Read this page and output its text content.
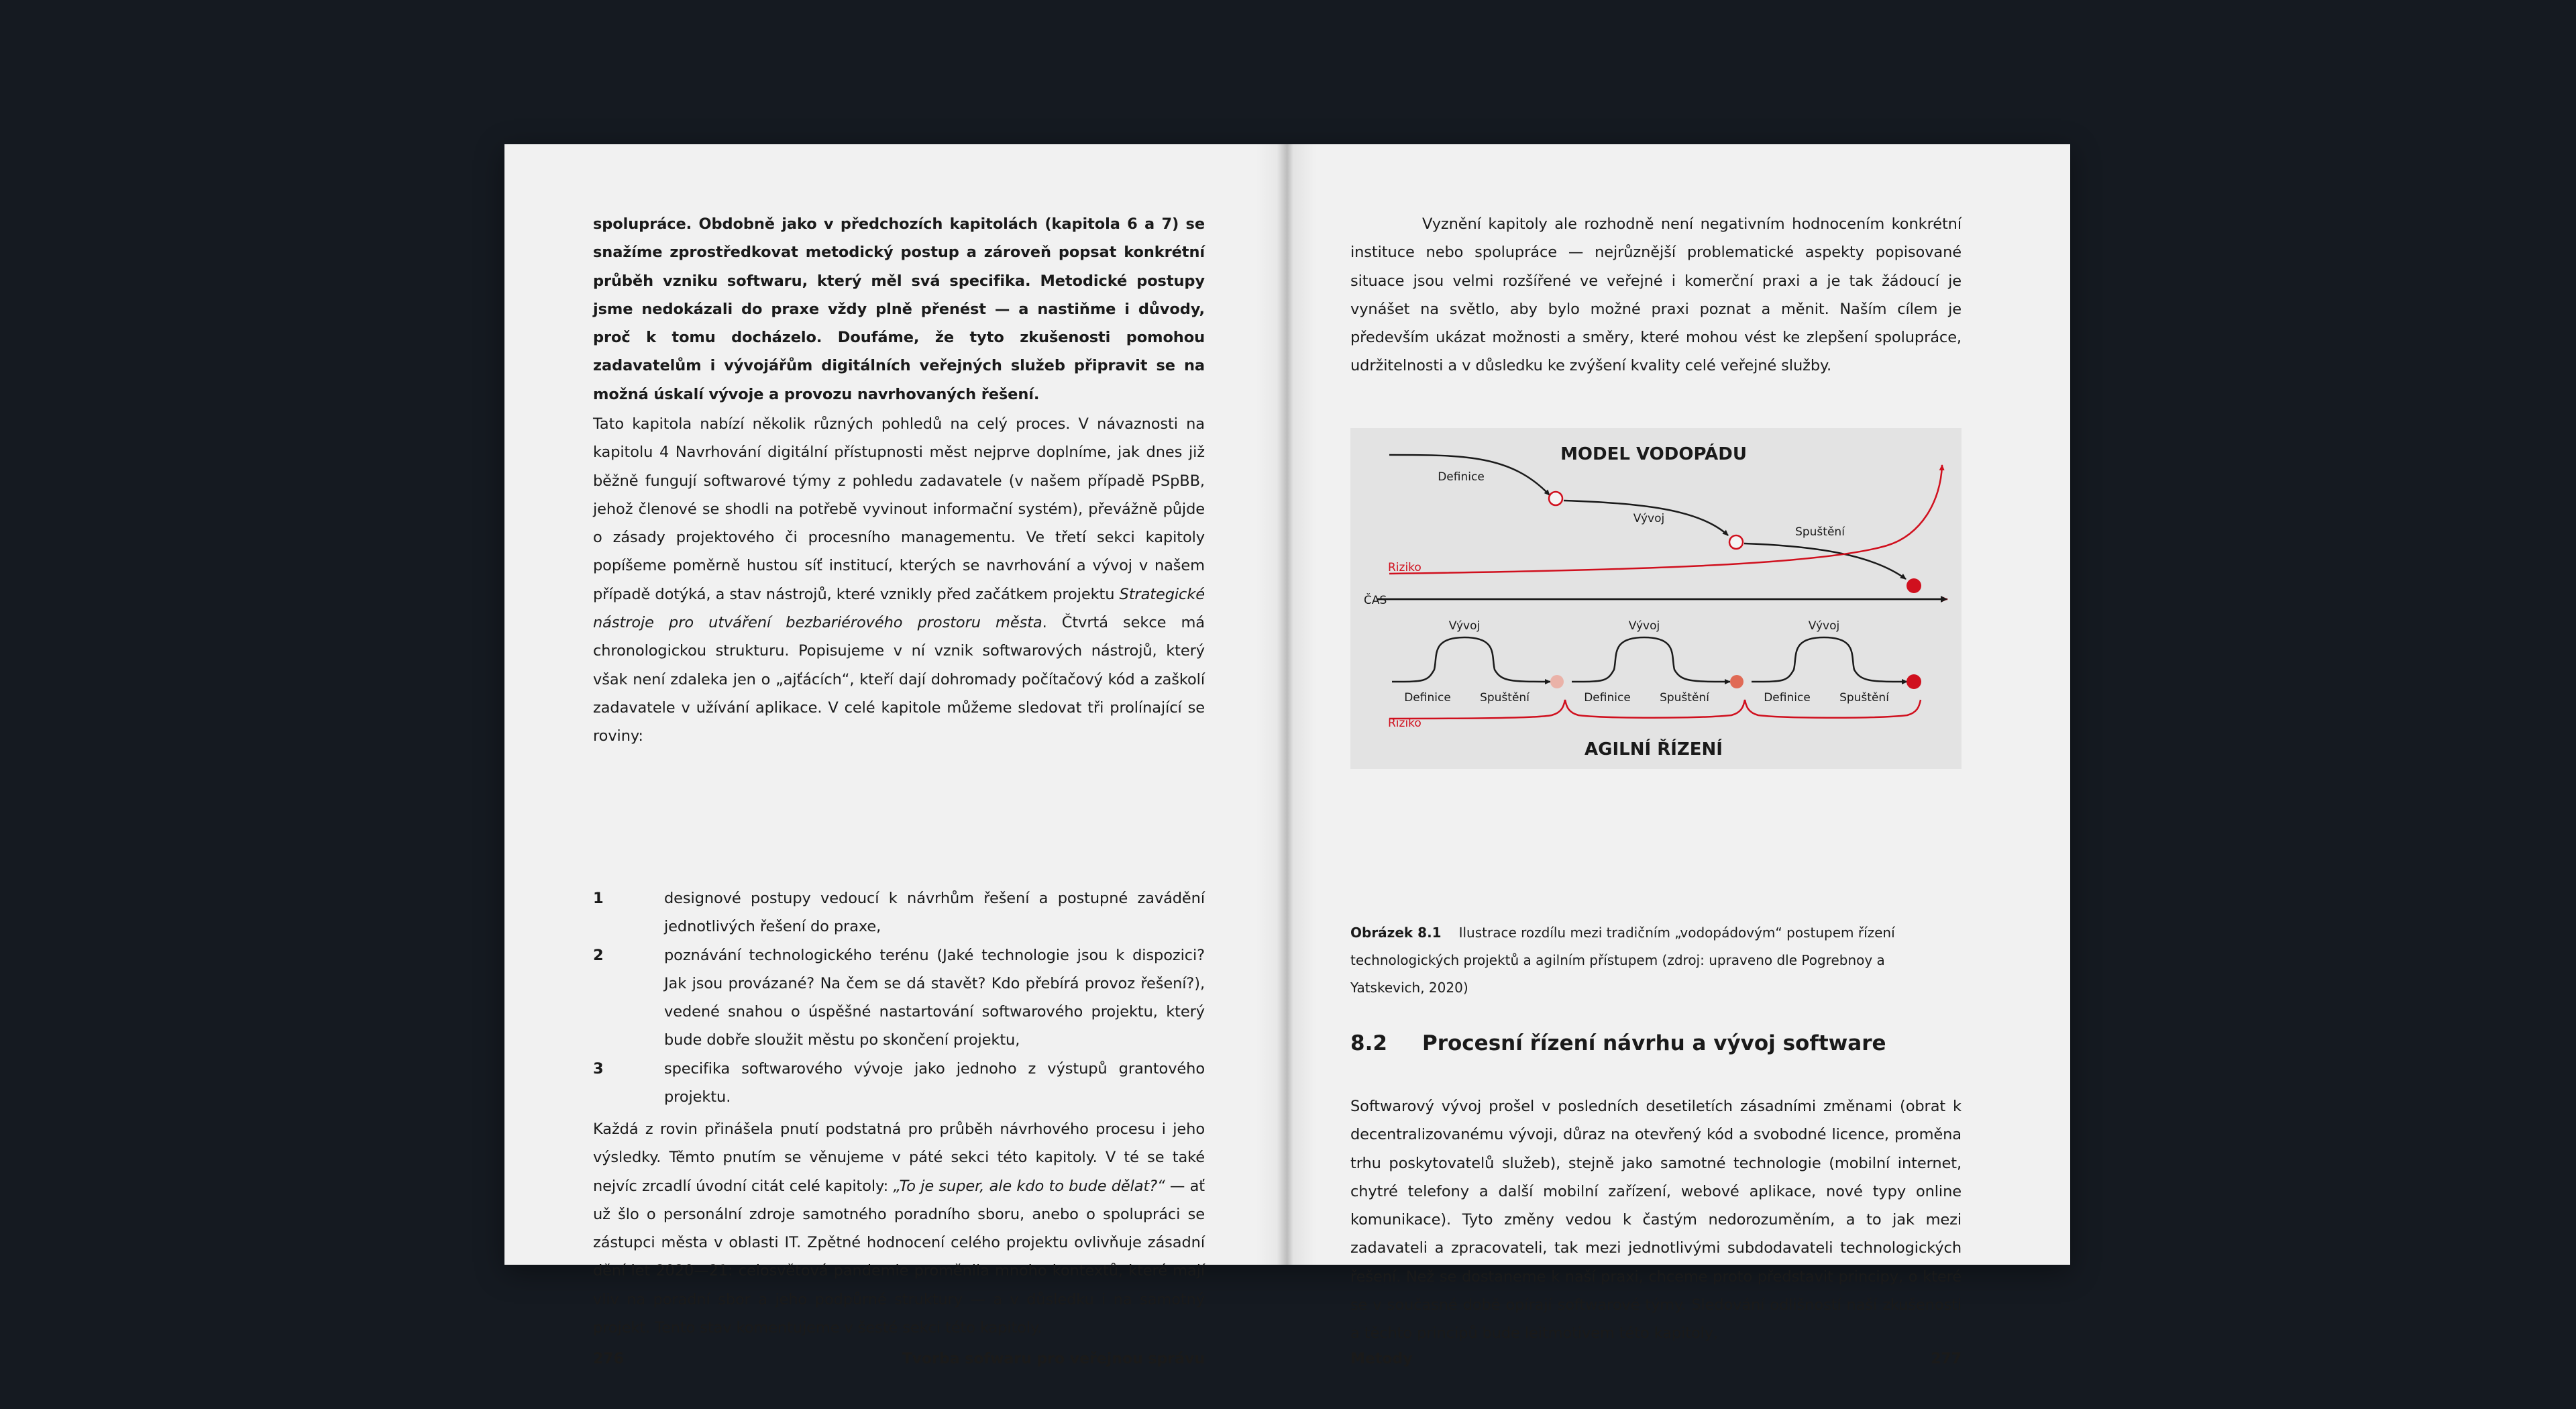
spolupráce. Obdobně jako v předchozích kapitolách (kapitola 6 a 7) se snažíme zprostředkovat metodický postup a zároveň popsat konkrétní průběh vzniku softwaru, který měl svá specifika. Metodické postupy jsme nedokázali do praxe vždy plně přenést — a nastiňme i důvody, proč k tomu docházelo. Doufáme, že tyto zkušenosti pomohou zadavatelům i vývojářům digitálních veřejných služeb připravit se na možná úskalí vývoje a provozu navrhovaných řešení.

Tato kapitola nabízí několik různých pohledů na celý proces. V návaznosti na kapitolu 4 Navrhování digitální přístupnosti měst nejprve doplníme, jak dnes již běžně fungují softwarové týmy z pohledu zadavatele (v našem případě PSpBB, jehož členové se shodli na potřebě vyvinout informační systém), převážně půjde o zásady projektového či procesního managementu. Ve třetí sekci kapitoly popíšeme poměrně hustou síť institucí, kterých se navrhování a vývoj v našem případě dotýká, a stav nástrojů, které vznikly před začátkem projektu Strategické nástroje pro utváření bezbariérového prostoru města. Čtvrtá sekce má chronologickou strukturu. Popisujeme v ní vznik softwarových nástrojů, který však není zdaleka jen o „ajťácích“, kteří dají dohromady počítačový kód a zaškolí zadavatele v užívání aplikace. V celé kapitole můžeme sledovat tři prolínající se roviny:

1	designové postupy vedoucí k návrhům řešení a postupné zavádění jednotlivých řešení do praxe,
2	poznávání technologického terénu (Jaké technologie jsou k dispozici? Jak jsou provázané? Na čem se dá stavět? Kdo přebírá provoz řešení?), vedené snahou o úspěšné nastartování softwarového projektu, který bude dobře sloužit městu po skončení projektu,
3	specifika softwarového vývoje jako jednoho z výstupů grantového projektu.

Každá z rovin přinášela pnutí podstatná pro průběh návrhového procesu i jeho výsledky. Těmto pnutím se věnujeme v páté sekci této kapitoly. V té se také nejvíc zrcadlí úvodní citát celé kapitoly: „To je super, ale kdo to bude dělat?“ — ať už šlo o personální zdroje samotného poradního sboru, anebo o spolupráci se zástupci města v oblasti IT. Zpětné hodnocení celého projektu ovlivňuje zásadní dění let 2020—21: celosvětová pandemie proměnila mnoho kontextů, které mají vliv na poradní sbor a jeho podpůrné struktury — a v důsledku i na samotný projekt. Tento stav komentujeme v šesté sekci této kapitoly.

276	Tvorba sofwaru pro veřejnou správu

Vyznění kapitoly ale rozhodně není negativním hodnocením konkrétní instituce nebo spolupráce — nejrůznější problematické aspekty popisované situace jsou velmi rozšířené ve veřejné i komerční praxi a je tak žádoucí je vynášet na světlo, aby bylo možné praxi poznat a měnit. Naším cílem je především ukázat možnosti a směry, které mohou vést ke zlepšení spolupráce, udržitelnosti a v důsledku ke zvýšení kvality celé veřejné služby.

MODEL VODOPÁDU
Definice
Vývoj
Spuštění
Riziko
ČAS
Vývoj
Definice	Spuštění
Vývoj
Definice	Spuštění
Vývoj
Definice	Spuštění
Riziko
AGILNÍ ŘÍZENÍ

Obrázek 8.1 Ilustrace rozdílu mezi tradičním „vodopádovým“ postupem řízení technologických projektů a agilním přístupem (zdroj: upraveno dle Pogrebnoy a Yatskevich, 2020)

8.2 Procesní řízení návrhu a vývoj software

Softwarový vývoj prošel v posledních desetiletích zásadními změnami (obrat k decentralizovanému vývoji, důraz na otevřený kód a svobodné licence, proměna trhu poskytovatelů služeb), stejně jako samotné technologie (mobilní internet, chytré telefony a další mobilní zařízení, webové aplikace, nové typy online komunikace). Tyto změny vedou k častým nedorozuměním, a to jak mezi zadavateli a zpracovateli, tak mezi jednotlivými subdodavateli technologických řešení. Než se dostaneme k naší praxi, chceme proto představit principy, o které se v současné době opírají softwarové týmy. Sledování odlišností naší zkušenosti a těchto principů bude leitmotivem této kapitoly,

Metody	277
